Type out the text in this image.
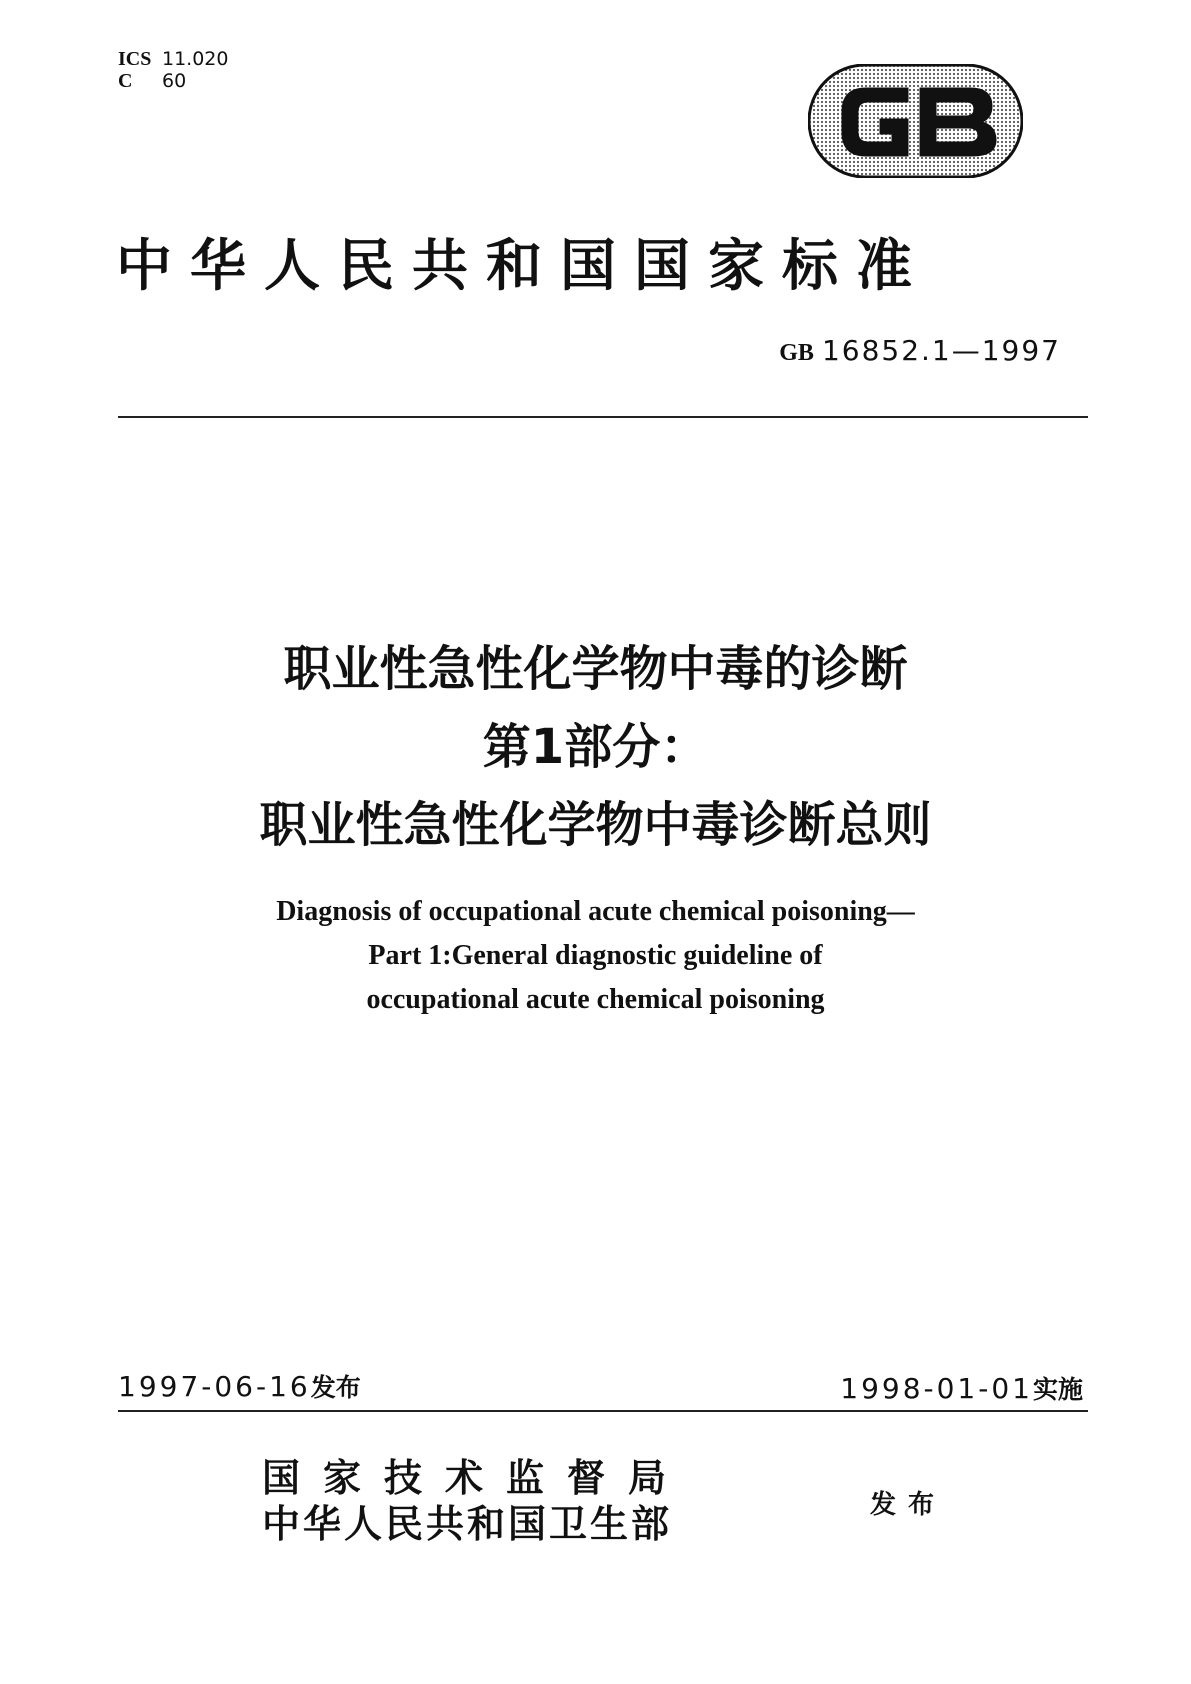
ICS 11.020
C 60
中华人民共和国国家标准
GB 16852.1—1997
职业性急性化学物中毒的诊断
第1部分：
职业性急性化学物中毒诊断总则
Diagnosis of occupational acute chemical poisoning—
Part 1:General diagnostic guideline of
occupational acute chemical poisoning
1997-06-16发布	1998-01-01实施
国家技术监督局
中华人民共和国卫生部	发布
